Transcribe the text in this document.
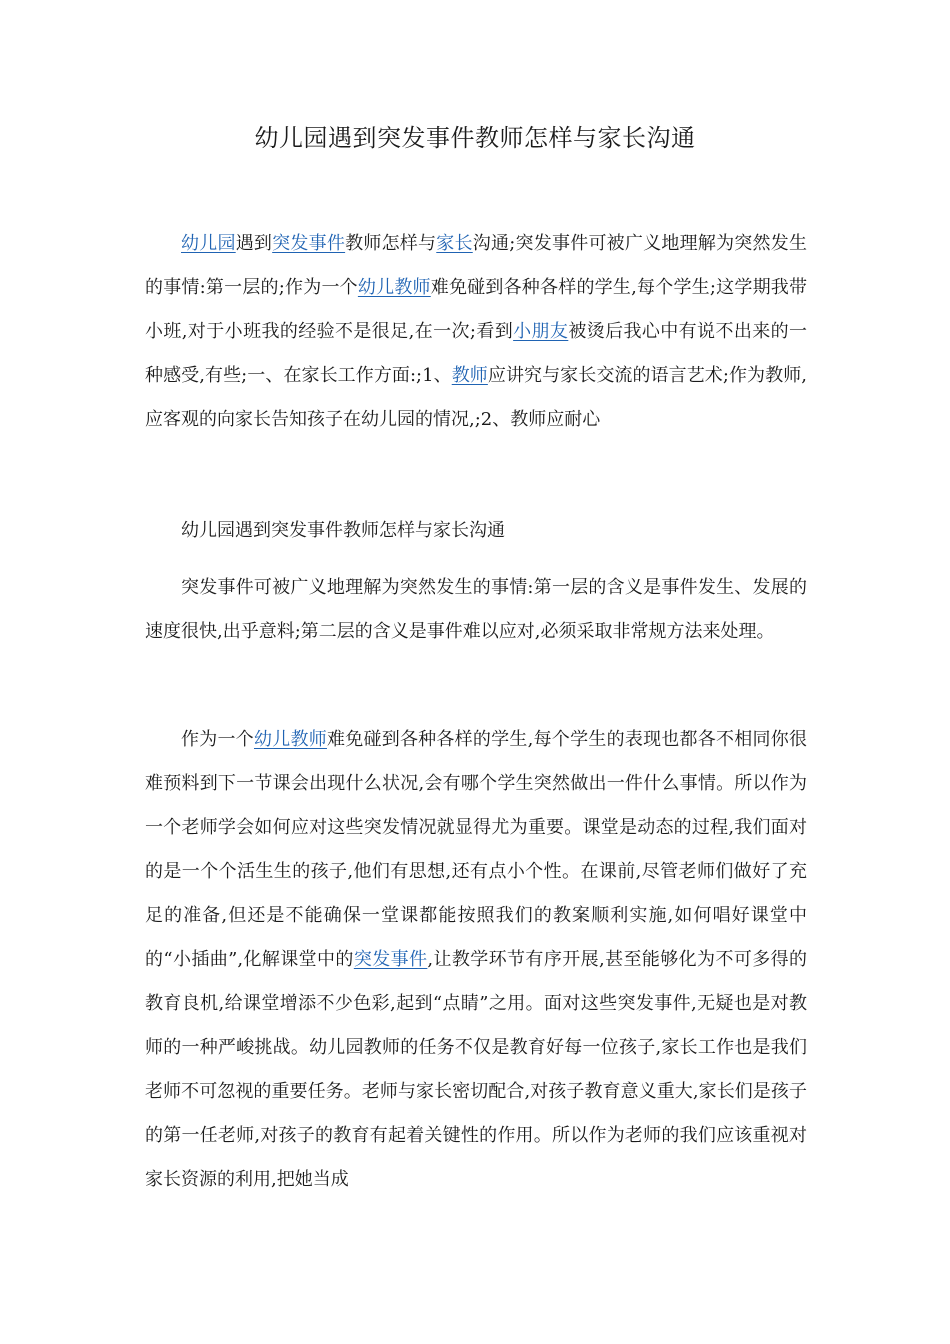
幼儿园遇到突发事件教师怎样与家长沟通

幼儿园遇到突发事件教师怎样与家长沟通;突发事件可被广义地理解为突然发生的事情:第一层的;作为一个幼儿教师难免碰到各种各样的学生,每个学生;这学期我带小班,对于小班我的经验不是很足,在一次;看到小朋友被烫后我心中有说不出来的一种感受,有些;一、在家长工作方面:;1、教师应讲究与家长交流的语言艺术;作为教师,应客观的向家长告知孩子在幼儿园的情况,;2、教师应耐心

幼儿园遇到突发事件教师怎样与家长沟通

突发事件可被广义地理解为突然发生的事情:第一层的含义是事件发生、发展的速度很快,出乎意料;第二层的含义是事件难以应对,必须采取非常规方法来处理。

作为一个幼儿教师难免碰到各种各样的学生,每个学生的表现也都各不相同你很难预料到下一节课会出现什么状况,会有哪个学生突然做出一件什么事情。所以作为一个老师学会如何应对这些突发情况就显得尤为重要。课堂是动态的过程,我们面对的是一个个活生生的孩子,他们有思想,还有点小个性。在课前,尽管老师们做好了充足的准备,但还是不能确保一堂课都能按照我们的教案顺利实施,如何唱好课堂中的“小插曲”,化解课堂中的突发事件,让教学环节有序开展,甚至能够化为不可多得的教育良机,给课堂增添不少色彩,起到“点睛”之用。面对这些突发事件,无疑也是对教师的一种严峻挑战。幼儿园教师的任务不仅是教育好每一位孩子,家长工作也是我们老师不可忽视的重要任务。老师与家长密切配合,对孩子教育意义重大,家长们是孩子的第一任老师,对孩子的教育有起着关键性的作用。所以作为老师的我们应该重视对家长资源的利用,把她当成
